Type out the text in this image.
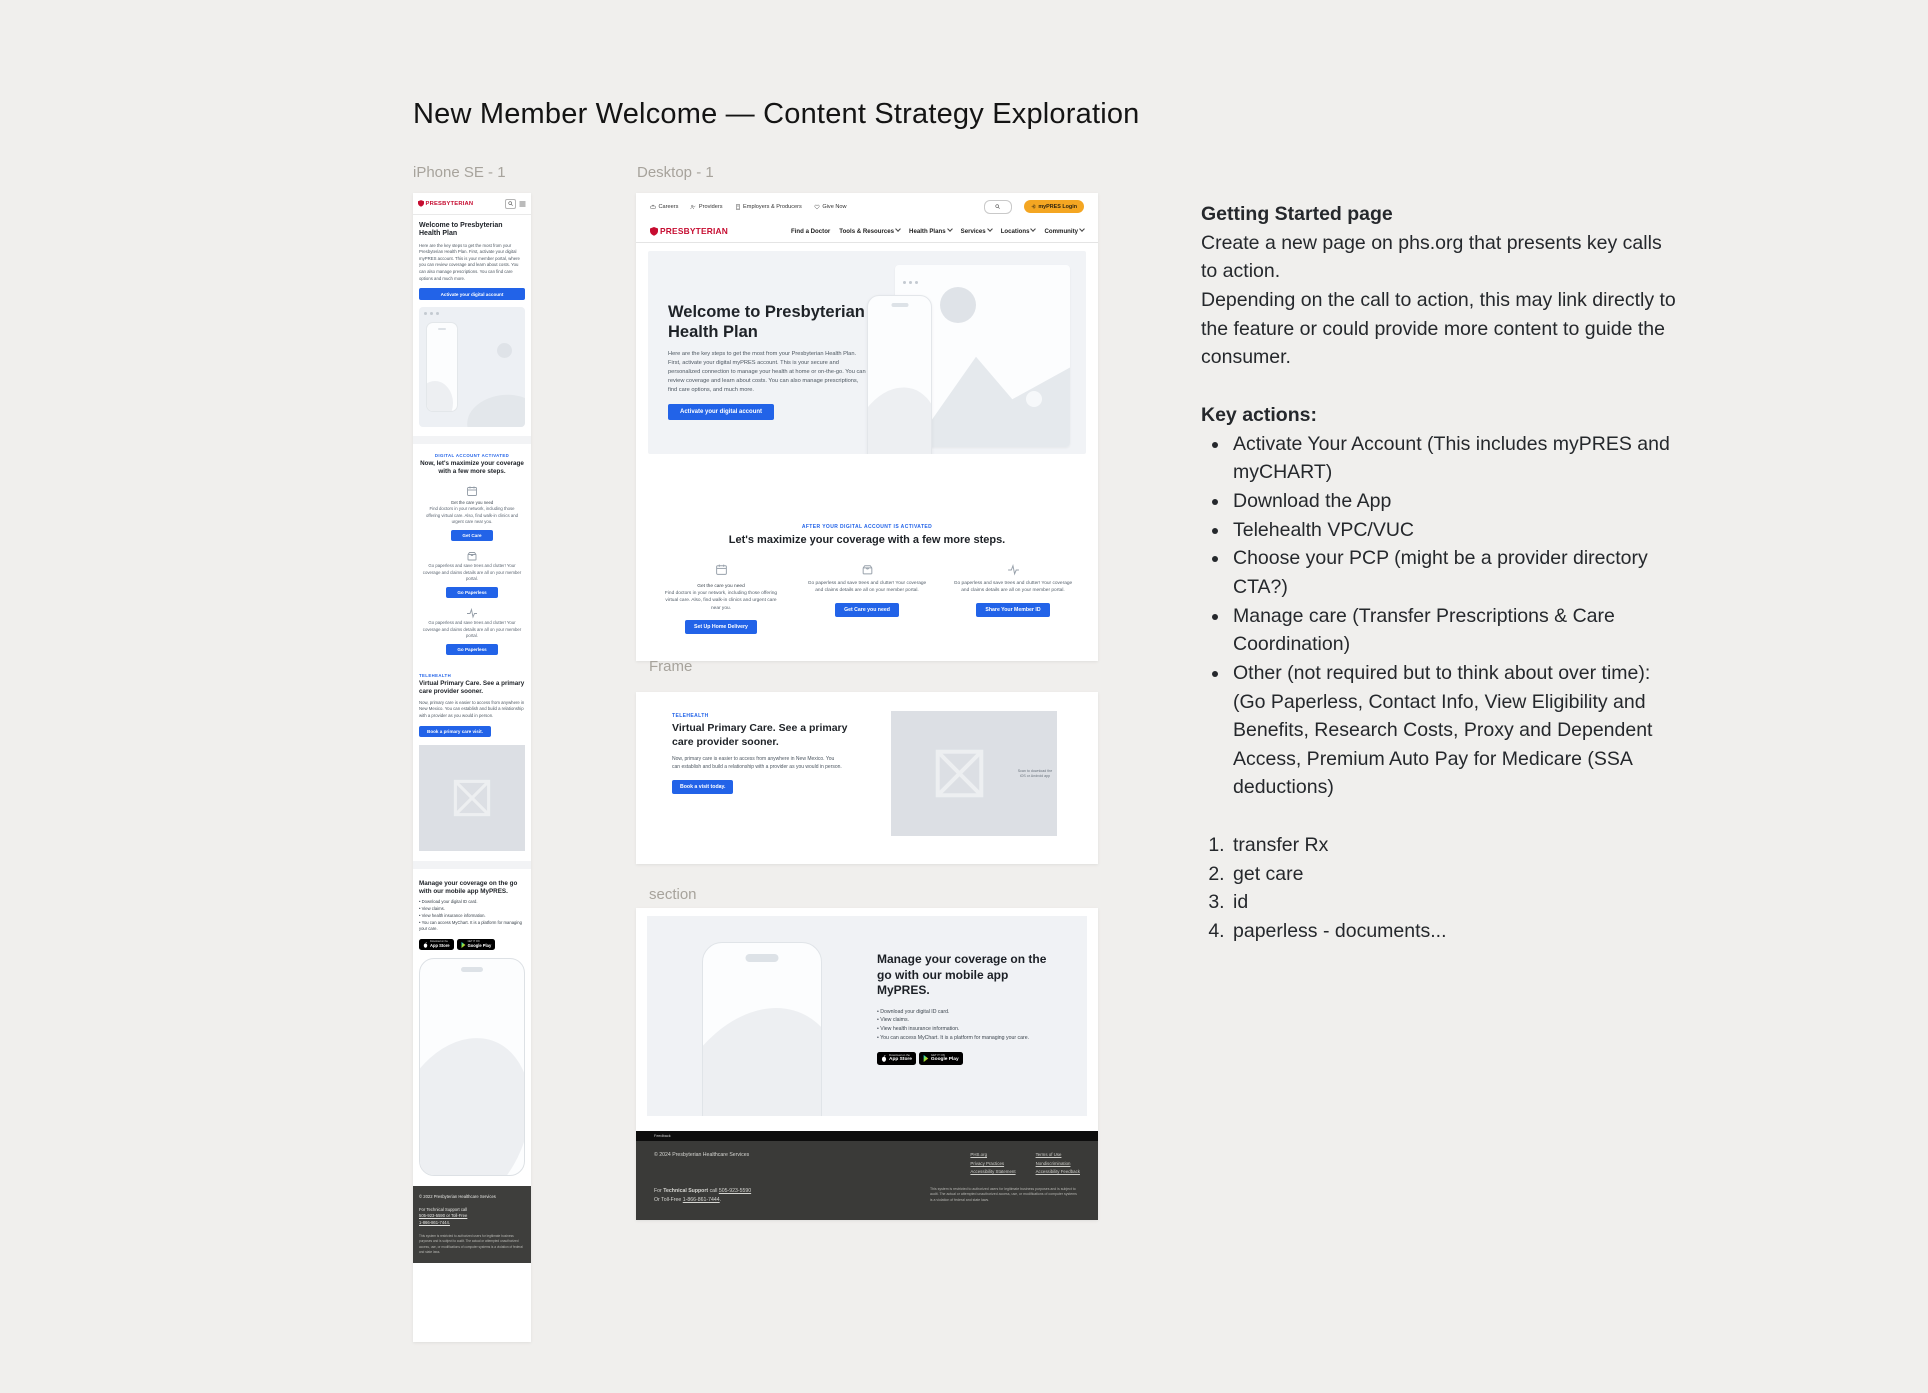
New Member Welcome — Content Strategy Exploration
iPhone SE - 1	Desktop - 1
PRESBYTERIAN
Welcome to Presbyterian Health Plan
Here are the key steps to get the most from your Presbyterian Health Plan. First, activate your digital myPRES account. This is your member portal, where you can review coverage and learn about costs. You can also manage prescriptions. You can find care options and much more.
Activate your digital account
DIGITAL ACCOUNT ACTIVATED
Now, let's maximize your coverage with a few more steps.
Get the care you need
Find doctors in your network, including those offering virtual care. Also, find walk-in clinics and urgent care near you.
Get Care
Go paperless and save trees and clutter! Your coverage and claims details are all on your member portal.
Go Paperless
Go paperless and save trees and clutter! Your coverage and claims details are all on your member portal.
Go Paperless
TELEHEALTH
Virtual Primary Care. See a primary care provider sooner.
Now, primary care is easier to access from anywhere in New Mexico. You can establish and build a relationship with a provider as you would in person.
Book a primary care visit.
Manage your coverage on the go with our mobile app MyPRES.
• Download your digital ID card.
• View claims.
• View health insurance information.
• You can access MyChart. It is a platform for managing your care.
Download on the
App Store
GET IT ON
Google Play
© 2022 Presbyterian Healthcare Services
For Technical Support call
505-923-5590 or Toll-Free
1-866-861-7444.
This system is restricted to authorized users for legitimate business purposes and is subject to audit. The actual or attempted unauthorized access, use, or modifications of computer systems is a violation of federal and state laws.
Careers	Providers	Employers & Producers	Give Now	myPRES Login
PRESBYTERIAN	Find a Doctor Tools & Resources	Health Plans	Services	Locations	Community
Welcome to Presbyterian Health Plan
Here are the key steps to get the most from your Presbyterian Health Plan. First, activate your digital myPRES account. This is your secure and personalized connection to manage your health at home or on-the-go. You can review coverage and learn about costs. You can also manage prescriptions, find care options, and much more.
Activate your digital account
AFTER YOUR DIGITAL ACCOUNT IS ACTIVATED
Let's maximize your coverage with a few more steps.
Get the care you need
Find doctors in your network, including those offering virtual care. Also, find walk-in clinics and urgent care near you.
Set Up Home Delivery
Go paperless and save trees and clutter! Your coverage and claims details are all on your member portal.
Get Care you need
Go paperless and save trees and clutter! Your coverage and claims details are all on your member portal.
Share Your Member ID
Frame
TELEHEALTH
Virtual Primary Care. See a primary care provider sooner.
Now, primary care is easier to access from anywhere in New Mexico. You can establish and build a relationship with a provider as you would in person.
Book a visit today.
Scan to download the iOS or Android app
section
Manage your coverage on the go with our mobile app MyPRES.
• Download your digital ID card.
• View claims.
• View health insurance information.
• You can access MyChart. It is a platform for managing your care.
Download on the
App Store
GET IT ON
Google Play
Feedback
© 2024 Presbyterian Healthcare Services	PHS.org
Privacy Practices
Accessibility Statement
Terms of Use
Nondiscrimination
Accessibility Feedback
For Technical Support call 505-923-5590
Or Toll-Free 1-866-861-7444.
This system is restricted to authorized users for legitimate business purposes and is subject to audit. The actual or attempted unauthorized access, use, or modifications of computer systems is a violation of federal and state laws.
Getting Started page

Create a new page on phs.org that presents key calls to action.

Depending on the call to action, this may link directly to the feature or could provide more content to guide the consumer.

Key actions:

• Activate Your Account (This includes myPRES and myCHART)
• Download the App
• Telehealth VPC/VUC
• Choose your PCP (might be a provider directory CTA?)
• Manage care (Transfer Prescriptions & Care Coordination)
• Other (not required but to think about over time): (Go Paperless, Contact Info, View Eligibility and Benefits, Research Costs, Proxy and Dependent Access, Premium Auto Pay for Medicare (SSA deductions)
1. transfer Rx
2. get care
3. id
4. paperless - documents...
